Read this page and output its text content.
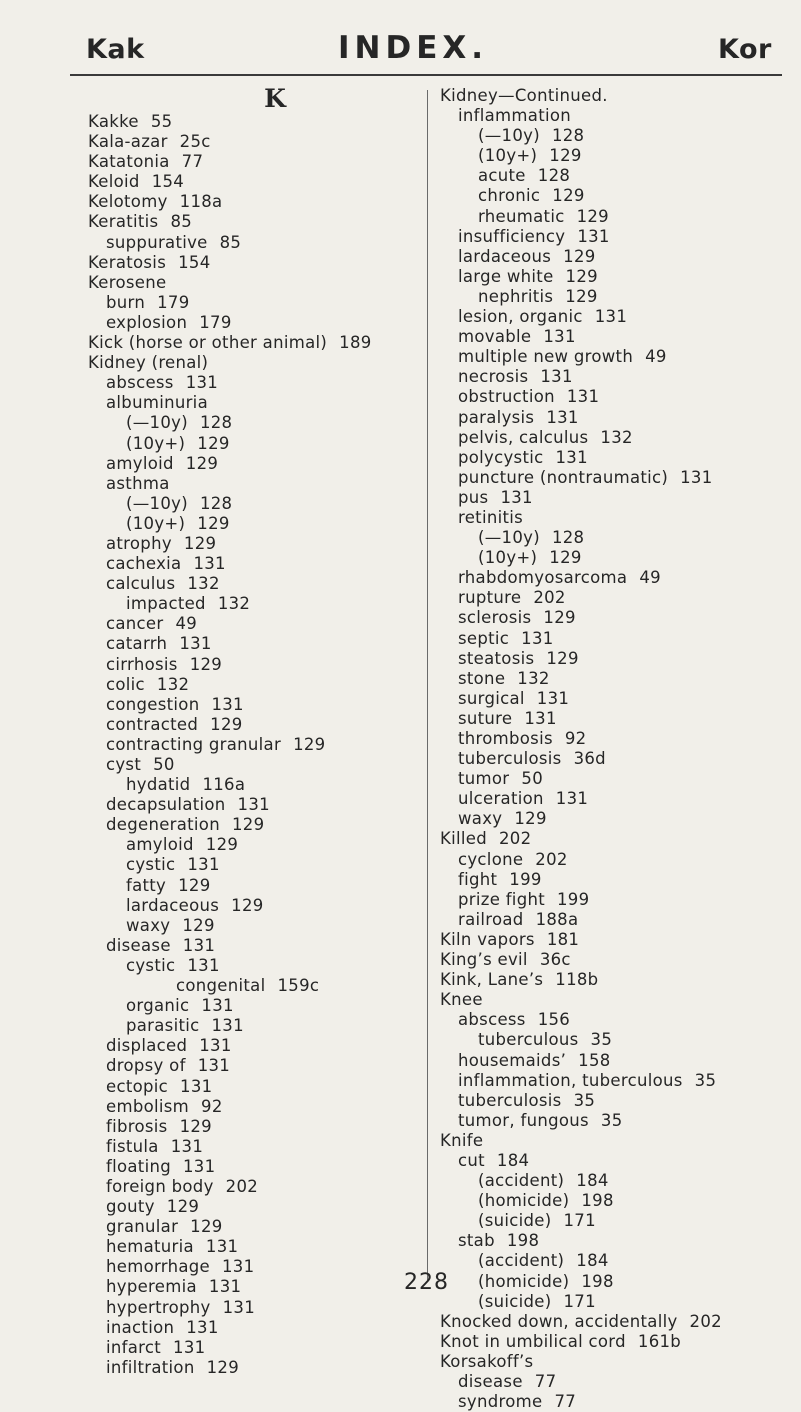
Kak	INDEX.	Kor
K
Kakke 55
Kala-azar 25c
Katatonia 77
Keloid 154
Kelotomy 118a
Keratitis 85
suppurative 85
Keratosis 154
Kerosene
burn 179
explosion 179
Kick (horse or other animal) 189
Kidney (renal)
abscess 131
albuminuria
(—10y) 128
(10y+) 129
amyloid 129
asthma
(—10y) 128
(10y+) 129
atrophy 129
cachexia 131
calculus 132
impacted 132
cancer 49
catarrh 131
cirrhosis 129
colic 132
congestion 131
contracted 129
contracting granular 129
cyst 50
hydatid 116a
decapsulation 131
degeneration 129
amyloid 129
cystic 131
fatty 129
lardaceous 129
waxy 129
disease 131
cystic 131
congenital 159c
organic 131
parasitic 131
displaced 131
dropsy of 131
ectopic 131
embolism 92
fibrosis 129
fistula 131
floating 131
foreign body 202
gouty 129
granular 129
hematuria 131
hemorrhage 131
hyperemia 131
hypertrophy 131
inaction 131
infarct 131
infiltration 129
Kidney—Continued.
inflammation
(—10y) 128
(10y+) 129
acute 128
chronic 129
rheumatic 129
insufficiency 131
lardaceous 129
large white 129
nephritis 129
lesion, organic 131
movable 131
multiple new growth 49
necrosis 131
obstruction 131
paralysis 131
pelvis, calculus 132
polycystic 131
puncture (nontraumatic) 131
pus 131
retinitis
(—10y) 128
(10y+) 129
rhabdomyosarcoma 49
rupture 202
sclerosis 129
septic 131
steatosis 129
stone 132
surgical 131
suture 131
thrombosis 92
tuberculosis 36d
tumor 50
ulceration 131
waxy 129
Killed 202
cyclone 202
fight 199
prize fight 199
railroad 188a
Kiln vapors 181
King’s evil 36c
Kink, Lane’s 118b
Knee
abscess 156
tuberculous 35
housemaids’ 158
inflammation, tuberculous 35
tuberculosis 35
tumor, fungous 35
Knife
cut 184
(accident) 184
(homicide) 198
(suicide) 171
stab 198
(accident) 184
(homicide) 198
(suicide) 171
Knocked down, accidentally 202
Knot in umbilical cord 161b
Korsakoff’s
disease 77
syndrome 77
228
